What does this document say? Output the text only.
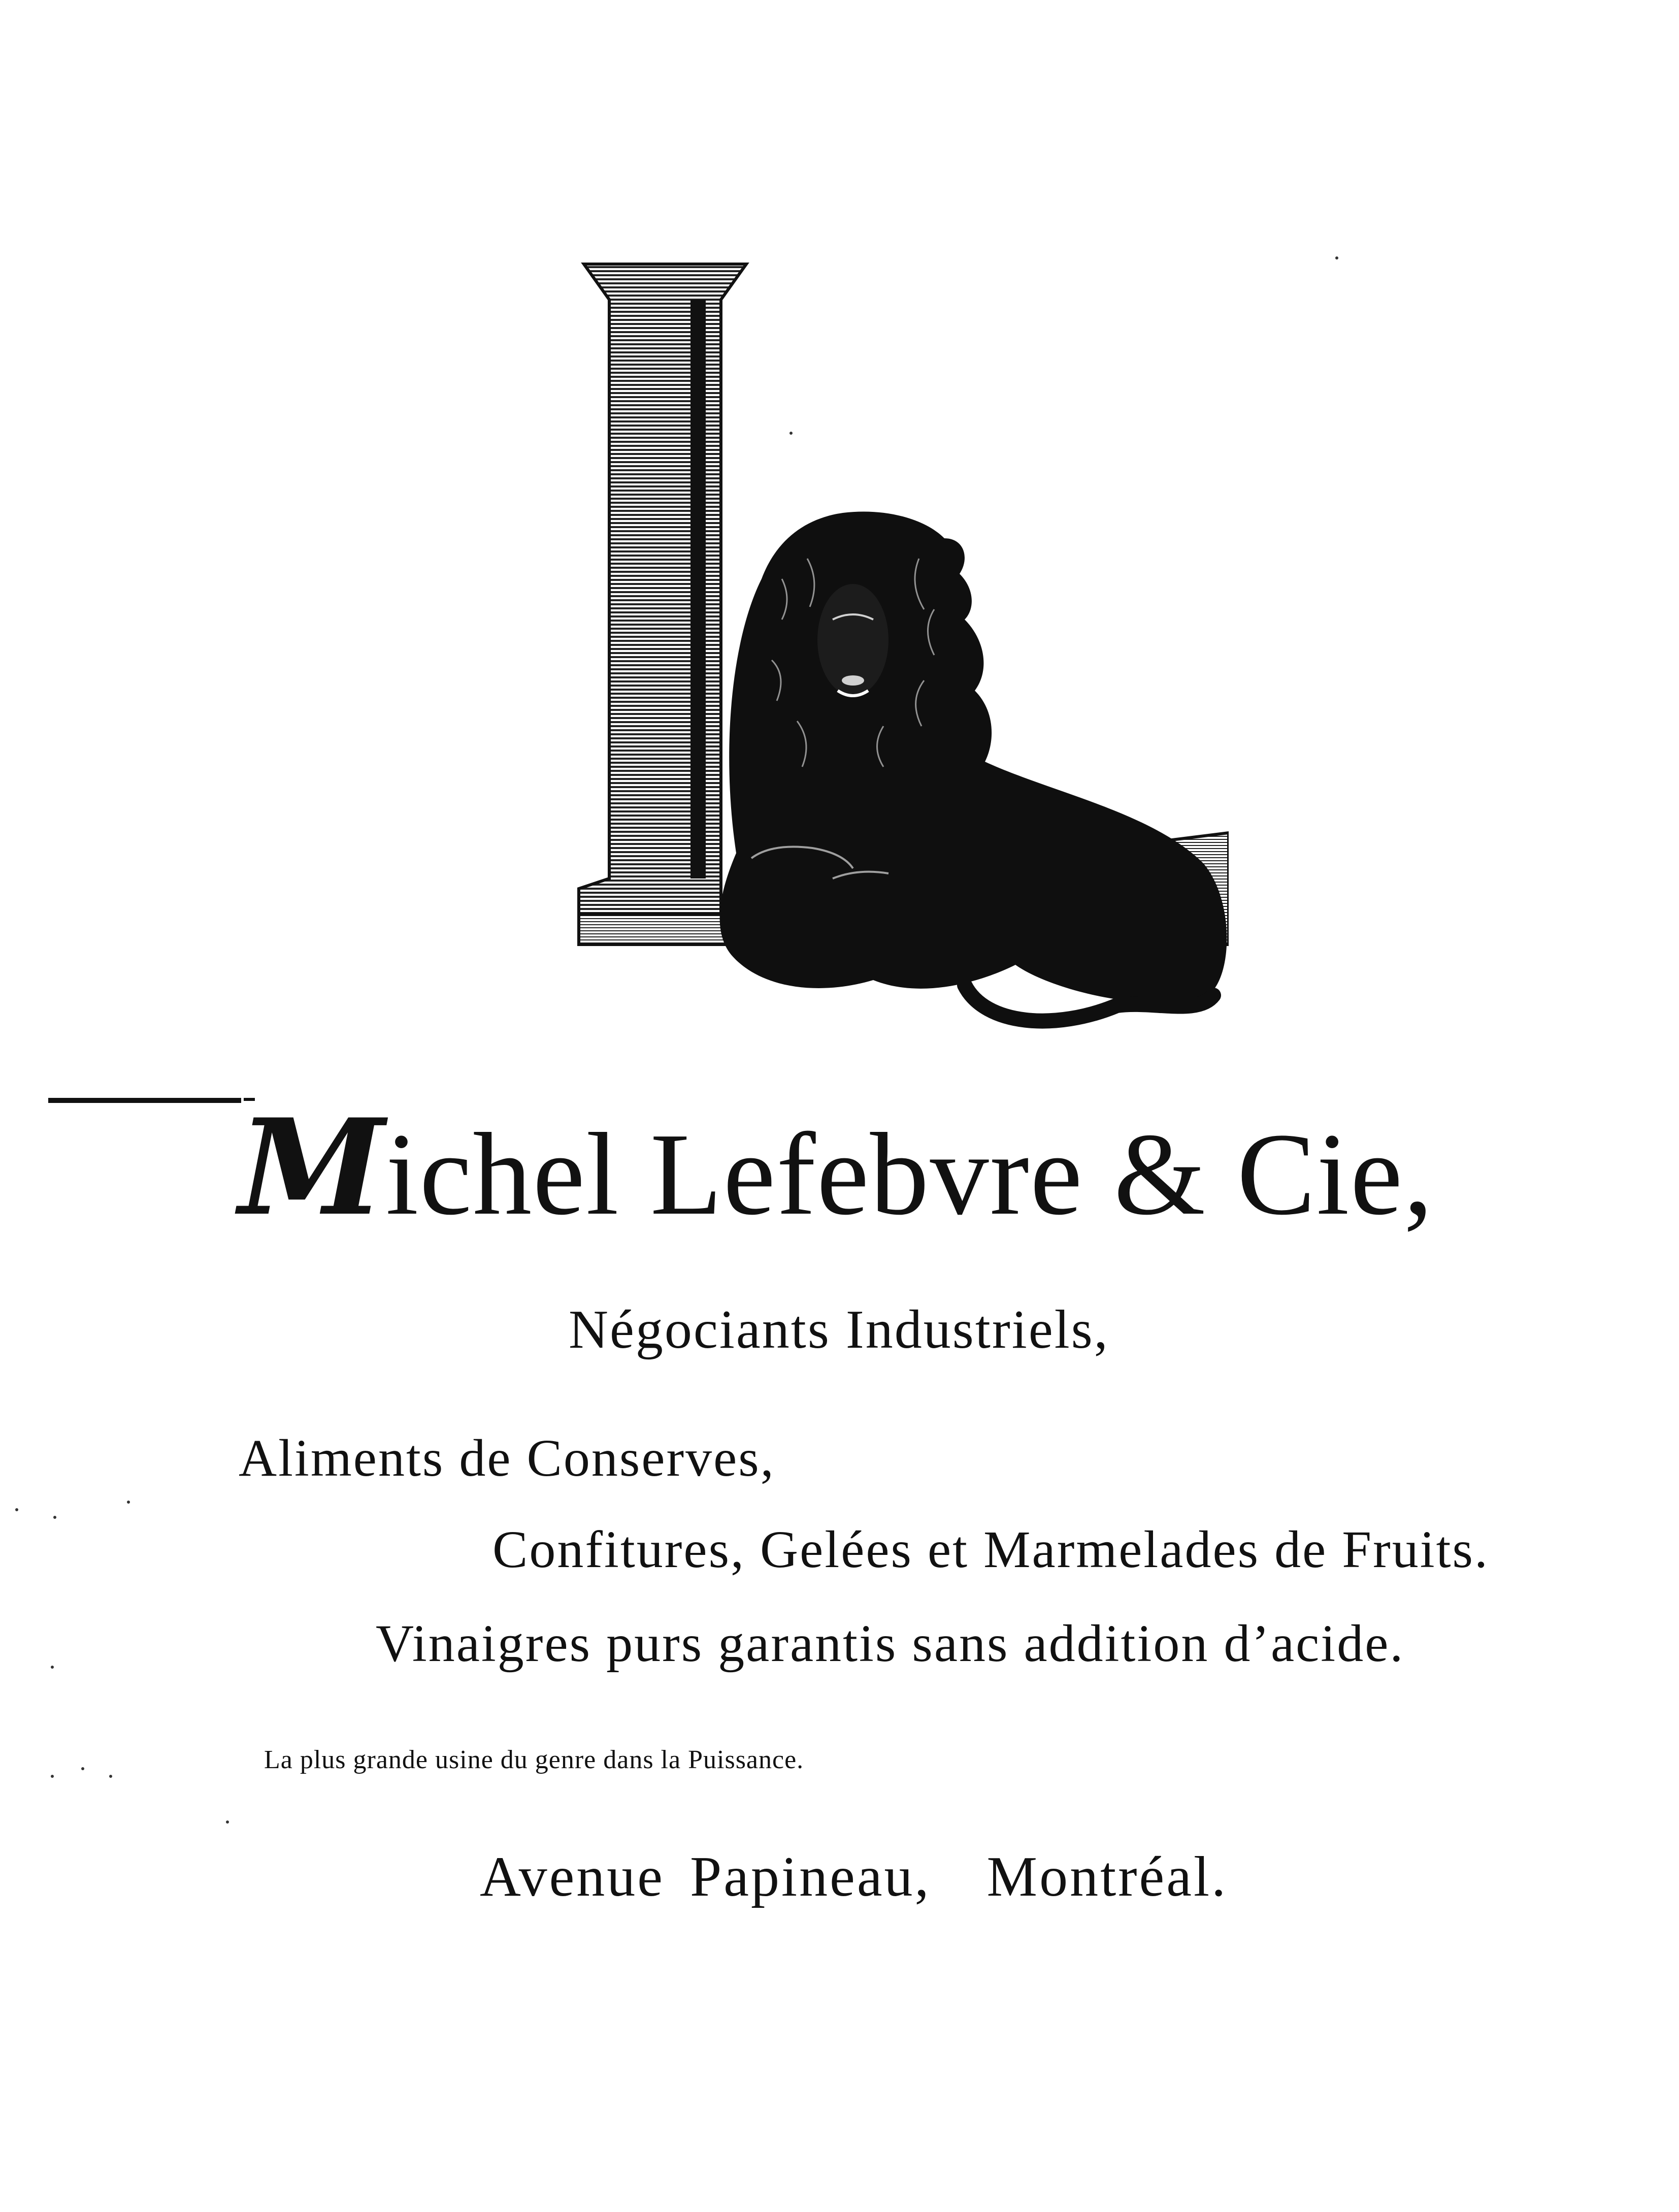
Michel Lefebvre & Cie,
Négociants Industriels,
Aliments de Conserves,
Confitures, Gelées et Marmelades de Fruits.
Vinaigres purs garantis sans addition d’acide.
La plus grande usine du genre dans la Puissance.
Avenue Papineau, Montréal.
